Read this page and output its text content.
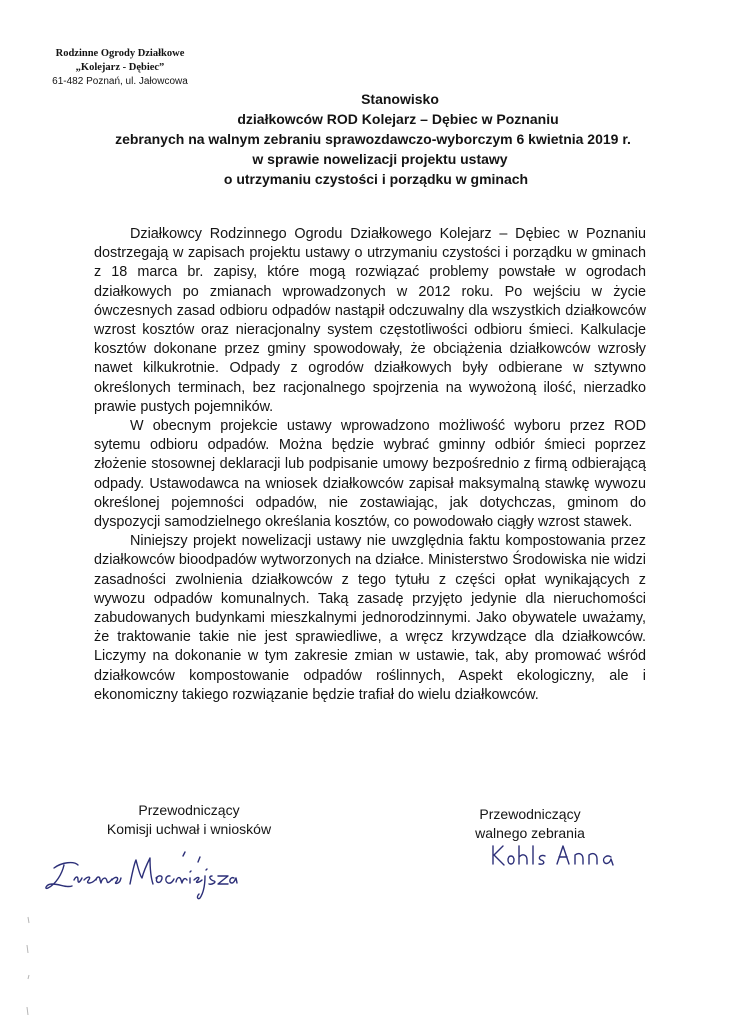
Rodzinne Ogrody Działkowe
„Kolejarz - Dębiec”
61-482 Poznań, ul. Jałowcowa
Stanowisko
działkowców ROD Kolejarz – Dębiec w Poznaniu
zebranych na walnym zebraniu sprawozdawczo-wyborczym 6 kwietnia 2019 r.
w sprawie nowelizacji projektu ustawy
o utrzymaniu czystości i porządku w gminach

Działkowcy Rodzinnego Ogrodu Działkowego Kolejarz – Dębiec w Poznaniu dostrzegają w zapisach projektu ustawy o utrzymaniu czystości i porządku w gminach z 18 marca br. zapisy, które mogą rozwiązać problemy powstałe w ogrodach działkowych po zmianach wprowadzonych w 2012 roku. Po wejściu w życie ówczesnych zasad odbioru odpadów nastąpił odczuwalny dla wszystkich działkowców wzrost kosztów oraz nieracjonalny system częstotliwości odbioru śmieci. Kalkulacje kosztów dokonane przez gminy spowodowały, że obciążenia działkowców wzrosły nawet kilkukrotnie. Odpady z ogrodów działkowych były odbierane w sztywno określonych terminach, bez racjonalnego spojrzenia na wywożoną ilość, nierzadko prawie pustych pojemników.

W obecnym projekcie ustawy wprowadzono możliwość wyboru przez ROD sytemu odbioru odpadów. Można będzie wybrać gminny odbiór śmieci poprzez złożenie stosownej deklaracji lub podpisanie umowy bezpośrednio z firmą odbierającą odpady. Ustawodawca na wniosek działkowców zapisał maksymalną stawkę wywozu określonej pojemności odpadów, nie zostawiając, jak dotychczas, gminom do dyspozycji samodzielnego określania kosztów, co powodowało ciągły wzrost stawek.

Niniejszy projekt nowelizacji ustawy nie uwzględnia faktu kompostowania przez działkowców bioodpadów wytworzonych na działce. Ministerstwo Środowiska nie widzi zasadności zwolnienia działkowców z tego tytułu z części opłat wynikających z wywozu odpadów komunalnych. Taką zasadę przyjęto jedynie dla nieruchomości zabudowanych budynkami mieszkalnymi jednorodzinnymi. Jako obywatele uważamy, że traktowanie takie nie jest sprawiedliwe, a wręcz krzywdzące dla działkowców. Liczymy na dokonanie w tym zakresie zmian w ustawie, tak, aby promować wśród działkowców kompostowanie odpadów roślinnych, Aspekt ekologiczny, ale i ekonomiczny takiego rozwiązanie będzie trafiał do wielu działkowców.

Przewodniczący
Komisji uchwał i wniosków
Przewodniczący
walnego zebrania
